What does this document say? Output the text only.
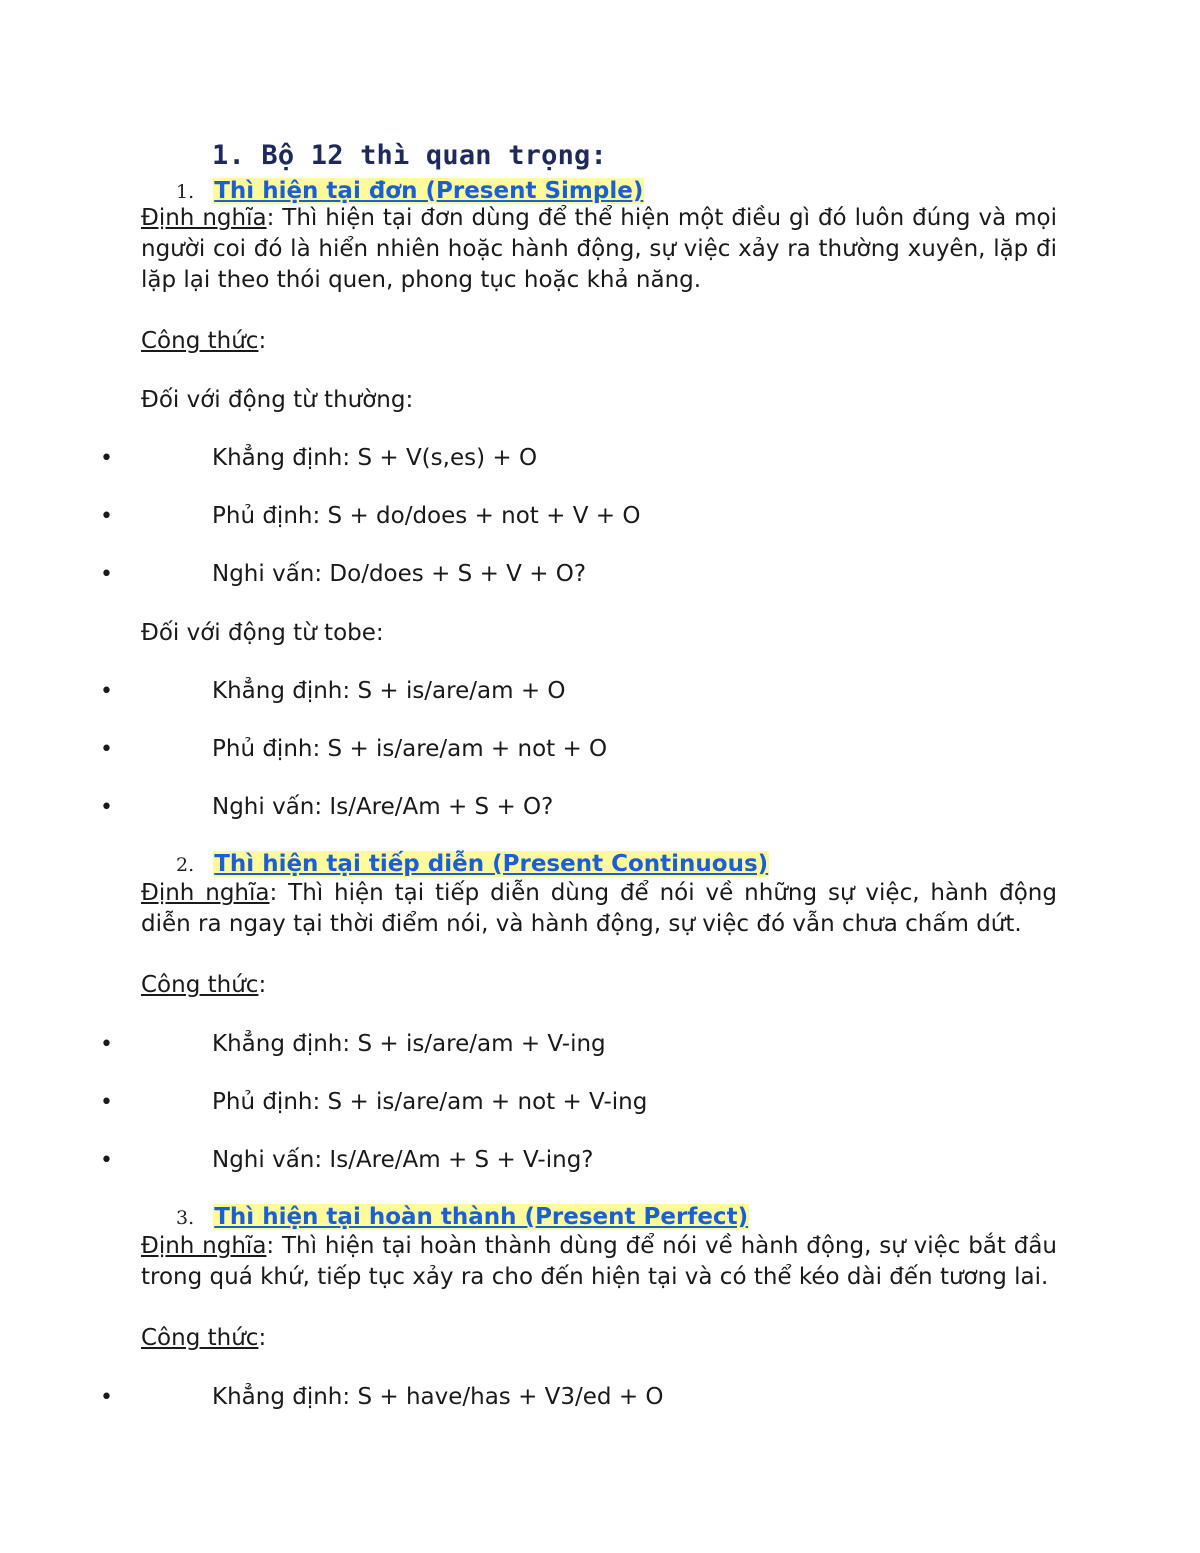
1. Bộ 12 thì quan trọng:
1. Thì hiện tại đơn (Present Simple)
Định nghĩa: Thì hiện tại đơn dùng để thể hiện một điều gì đó luôn đúng và mọi người coi đó là hiển nhiên hoặc hành động, sự việc xảy ra thường xuyên, lặp đi lặp lại theo thói quen, phong tục hoặc khả năng.
Công thức:
Đối với động từ thường:
•	Khẳng định: S + V(s,es) + O
•	Phủ định: S + do/does + not + V + O
•	Nghi vấn: Do/does + S + V + O?
Đối với động từ tobe:
•	Khẳng định: S + is/are/am + O
•	Phủ định: S + is/are/am + not + O
•	Nghi vấn: Is/Are/Am + S + O?
2. Thì hiện tại tiếp diễn (Present Continuous)
Định nghĩa: Thì hiện tại tiếp diễn dùng để nói về những sự việc, hành động diễn ra ngay tại thời điểm nói, và hành động, sự việc đó vẫn chưa chấm dứt.
Công thức:
•	Khẳng định: S + is/are/am + V-ing
•	Phủ định: S + is/are/am + not + V-ing
•	Nghi vấn: Is/Are/Am + S + V-ing?
3. Thì hiện tại hoàn thành (Present Perfect)
Định nghĩa: Thì hiện tại hoàn thành dùng để nói về hành động, sự việc bắt đầu trong quá khứ, tiếp tục xảy ra cho đến hiện tại và có thể kéo dài đến tương lai.
Công thức:
•	Khẳng định: S + have/has + V3/ed + O
